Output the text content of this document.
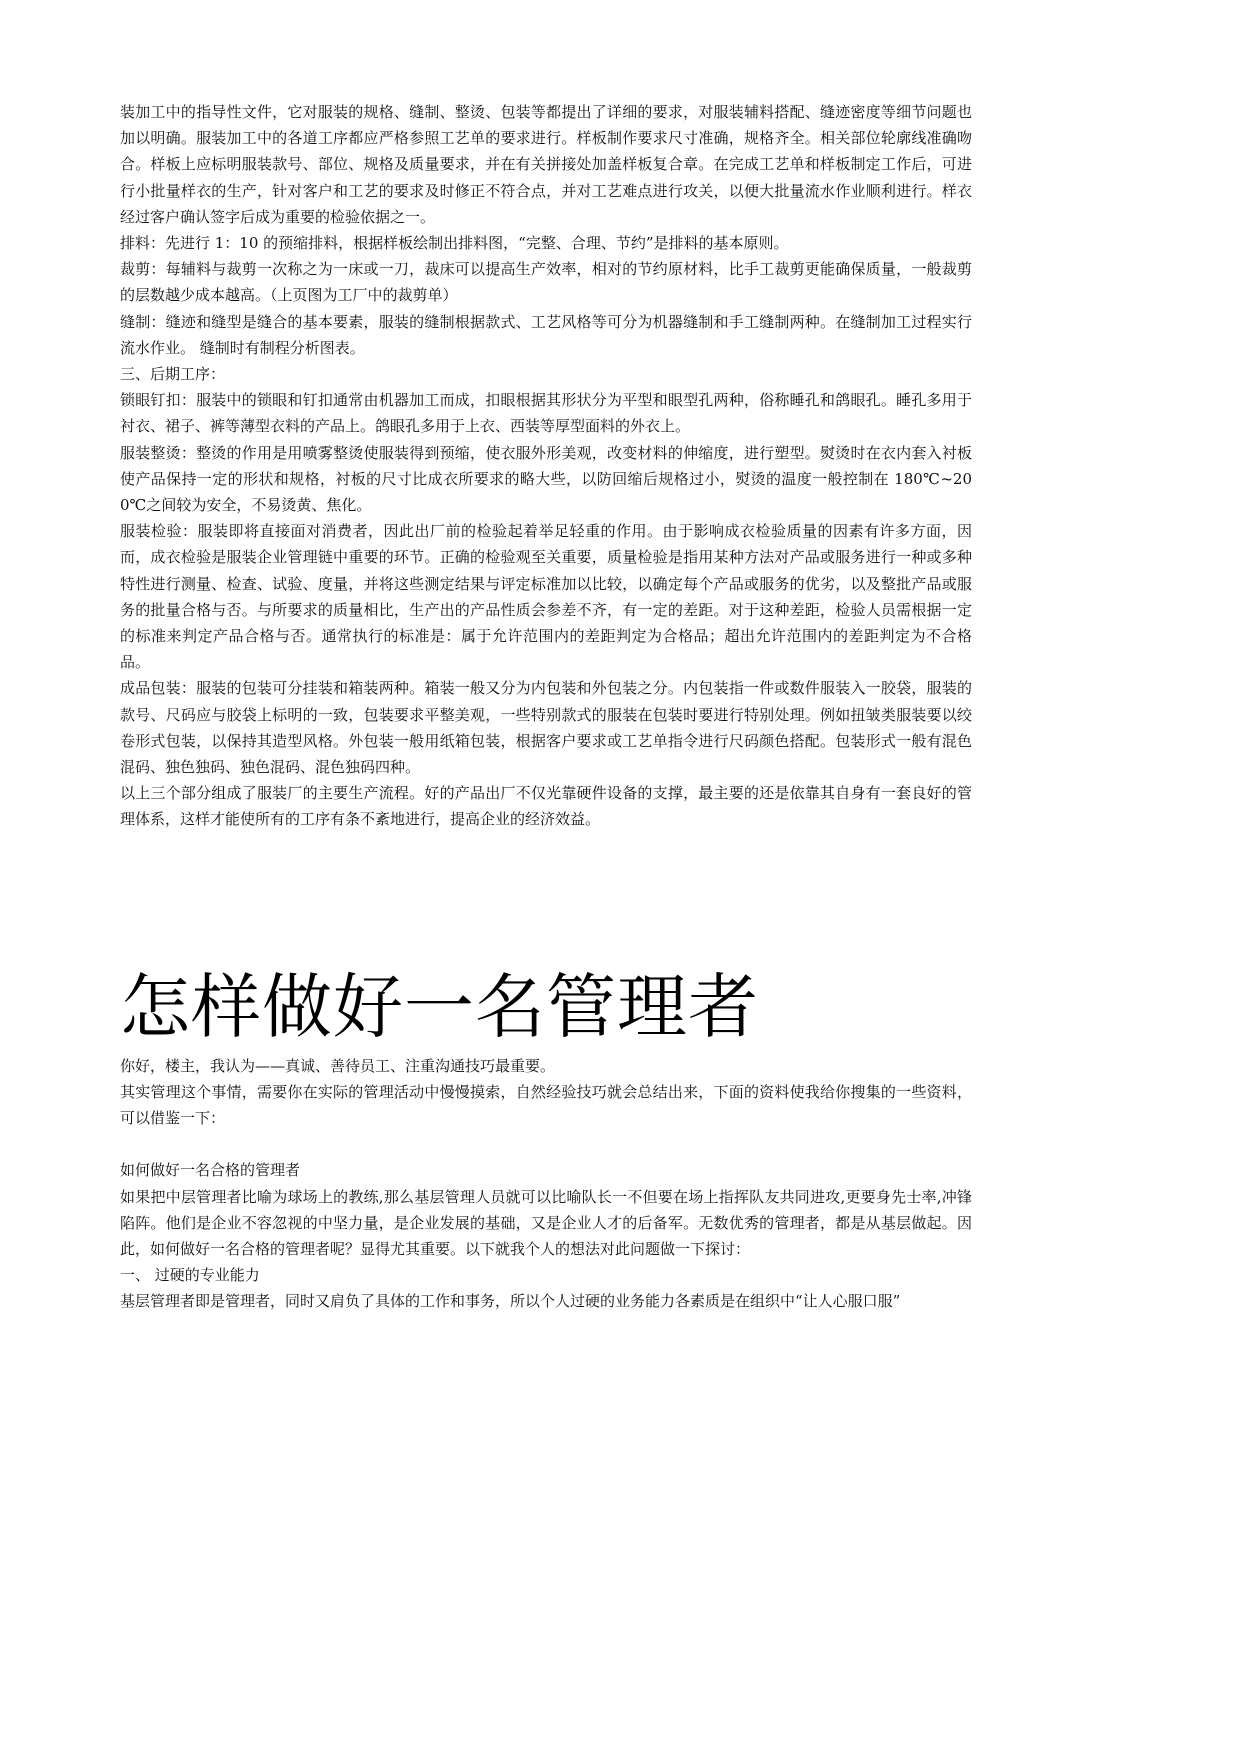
装加工中的指导性文件，它对服装的规格、缝制、整烫、包装等都提出了详细的要求，对服装辅料搭配、缝迹密度等细节问题也加以明确。服装加工中的各道工序都应严格参照工艺单的要求进行。样板制作要求尺寸准确，规格齐全。相关部位轮廓线准确吻合。样板上应标明服装款号、部位、规格及质量要求，并在有关拼接处加盖样板复合章。在完成工艺单和样板制定工作后，可进行小批量样衣的生产，针对客户和工艺的要求及时修正不符合点，并对工艺难点进行攻关，以便大批量流水作业顺利进行。样衣经过客户确认签字后成为重要的检验依据之一。

排料：先进行 1：10 的预缩排料，根据样板绘制出排料图，“完整、合理、节约”是排料的基本原则。

裁剪：每辅料与裁剪一次称之为一床或一刀，裁床可以提高生产效率，相对的节约原材料，比手工裁剪更能确保质量，一般裁剪的层数越少成本越高。（上页图为工厂中的裁剪单）

缝制：缝迹和缝型是缝合的基本要素，服装的缝制根据款式、工艺风格等可分为机器缝制和手工缝制两种。在缝制加工过程实行流水作业。 缝制时有制程分析图表。

三、后期工序：

锁眼钉扣：服装中的锁眼和钉扣通常由机器加工而成，扣眼根据其形状分为平型和眼型孔两种，俗称睡孔和鸽眼孔。睡孔多用于衬衣、裙子、裤等薄型衣料的产品上。鸽眼孔多用于上衣、西装等厚型面料的外衣上。

服装整烫：整烫的作用是用喷雾整烫使服装得到预缩，使衣服外形美观，改变材料的伸缩度，进行塑型。熨烫时在衣内套入衬板使产品保持一定的形状和规格，衬板的尺寸比成衣所要求的略大些，以防回缩后规格过小，熨烫的温度一般控制在 180℃~200℃之间较为安全，不易烫黄、焦化。

服装检验：服装即将直接面对消费者，因此出厂前的检验起着举足轻重的作用。由于影响成衣检验质量的因素有许多方面，因而，成衣检验是服装企业管理链中重要的环节。正确的检验观至关重要，质量检验是指用某种方法对产品或服务进行一种或多种特性进行测量、检查、试验、度量，并将这些测定结果与评定标准加以比较，以确定每个产品或服务的优劣，以及整批产品或服务的批量合格与否。与所要求的质量相比，生产出的产品性质会参差不齐，有一定的差距。对于这种差距，检验人员需根据一定的标准来判定产品合格与否。通常执行的标准是：属于允许范围内的差距判定为合格品；超出允许范围内的差距判定为不合格品。

成品包装：服装的包装可分挂装和箱装两种。箱装一般又分为内包装和外包装之分。内包装指一件或数件服装入一胶袋，服装的款号、尺码应与胶袋上标明的一致，包装要求平整美观，一些特别款式的服装在包装时要进行特别处理。例如扭皱类服装要以绞卷形式包装，以保持其造型风格。外包装一般用纸箱包装，根据客户要求或工艺单指令进行尺码颜色搭配。包装形式一般有混色混码、独色独码、独色混码、混色独码四种。

以上三个部分组成了服装厂的主要生产流程。好的产品出厂不仅光靠硬件设备的支撑，最主要的还是依靠其自身有一套良好的管理体系，这样才能使所有的工序有条不紊地进行，提高企业的经济效益。

怎样做好一名管理者

你好，楼主，我认为——真诚、善待员工、注重沟通技巧最重要。

其实管理这个事情，需要你在实际的管理活动中慢慢摸索，自然经验技巧就会总结出来，下面的资料使我给你搜集的一些资料，可以借鉴一下：

如何做好一名合格的管理者

如果把中层管理者比喻为球场上的教练,那么基层管理人员就可以比喻队长一不但要在场上指挥队友共同进攻,更要身先士率,冲锋陷阵。他们是企业不容忽视的中坚力量，是企业发展的基础，又是企业人才的后备军。无数优秀的管理者，都是从基层做起。因此，如何做好一名合格的管理者呢？显得尤其重要。以下就我个人的想法对此问题做一下探讨：

一、 过硬的专业能力

基层管理者即是管理者，同时又肩负了具体的工作和事务，所以个人过硬的业务能力各素质是在组织中“让人心服口服”
